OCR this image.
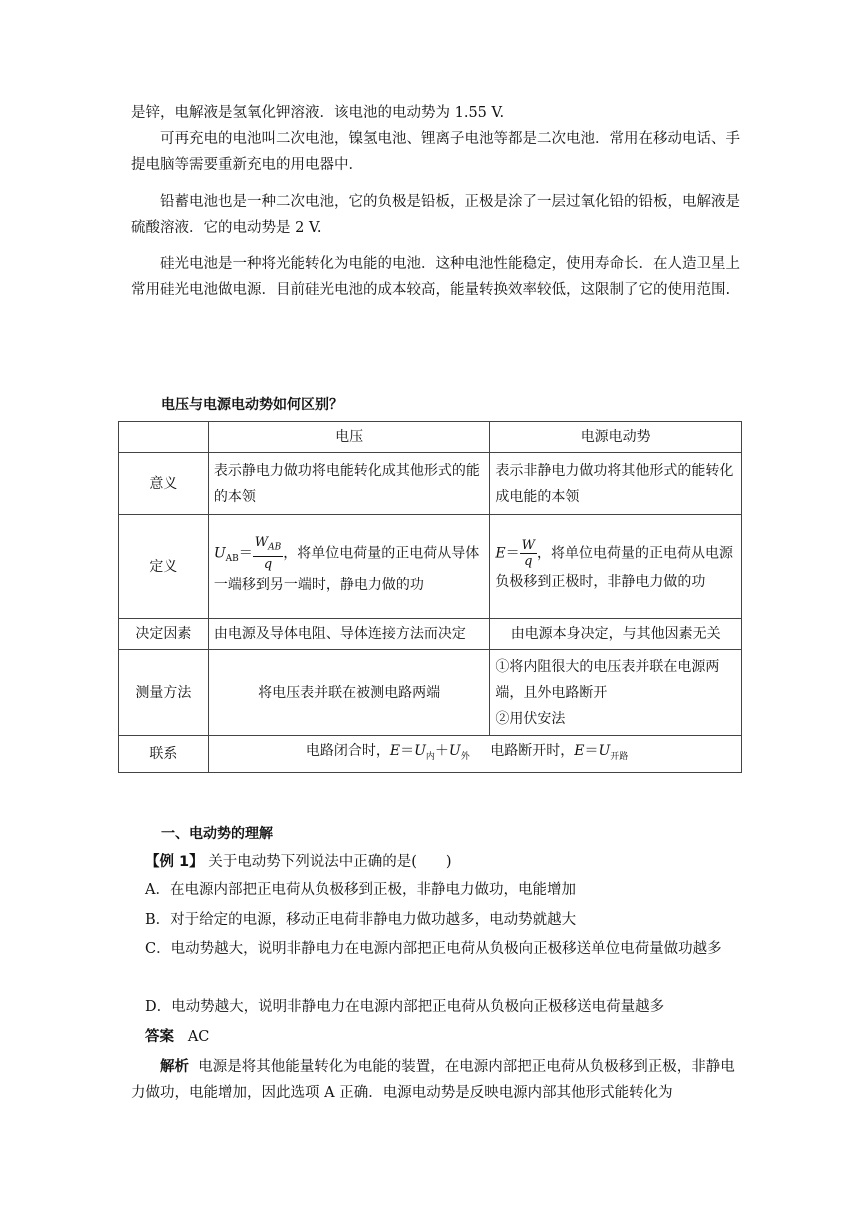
是锌，电解液是氢氧化钾溶液．该电池的电动势为 1.55 V.

可再充电的电池叫二次电池，镍氢电池、锂离子电池等都是二次电池．常用在移动电话、手提电脑等需要重新充电的用电器中．

铅蓄电池也是一种二次电池，它的负极是铅板，正极是涂了一层过氧化铅的铅板，电解液是硫酸溶液．它的电动势是 2 V.

硅光电池是一种将光能转化为电能的电池．这种电池性能稳定，使用寿命长．在人造卫星上常用硅光电池做电源．目前硅光电池的成本较高，能量转换效率较低，这限制了它的使用范围.

电压与电源电动势如何区别？
	电压	电源电动势
意义	表示静电力做功将电能转化成其他形式的能的本领	表示非静电力做功将其他形式的能转化成电能的本领
定义	$U_{AB}= \frac{W_{AB}}{q}$ ，将单位电荷量的正电荷从导体一端移到另一端时，静电力做的功	$E= \frac{W}{q}$ ，将单位电荷量的正电荷从电源负极移到正极时，非静电力做的功
决定因素	由电源及导体电阻、导体连接方法而决定	由电源本身决定，与其他因素无关
测量方法	将电压表并联在被测电路两端	①将内阻很大的电压表并联在电源两端，且外电路断开
②用伏安法

联系	电路闭合时，$E=U_内+U_外$ 电路断开时，$E=U_{开路}$
一、电动势的理解

【例 1】 关于电动势下列说法中正确的是(　　)

A．在电源内部把正电荷从负极移到正极，非静电力做功，电能增加

B．对于给定的电源，移动正电荷非静电力做功越多，电动势就越大

C．电动势越大，说明非静电力在电源内部把正电荷从负极向正极移送单位电荷量做功越多

D．电动势越大，说明非静电力在电源内部把正电荷从负极向正极移送电荷量越多

答案 AC

解析 电源是将其他能量转化为电能的装置，在电源内部把正电荷从负极移到正极，非静电力做功，电能增加，因此选项 A 正确．电源电动势是反映电源内部其他形式能转化为
